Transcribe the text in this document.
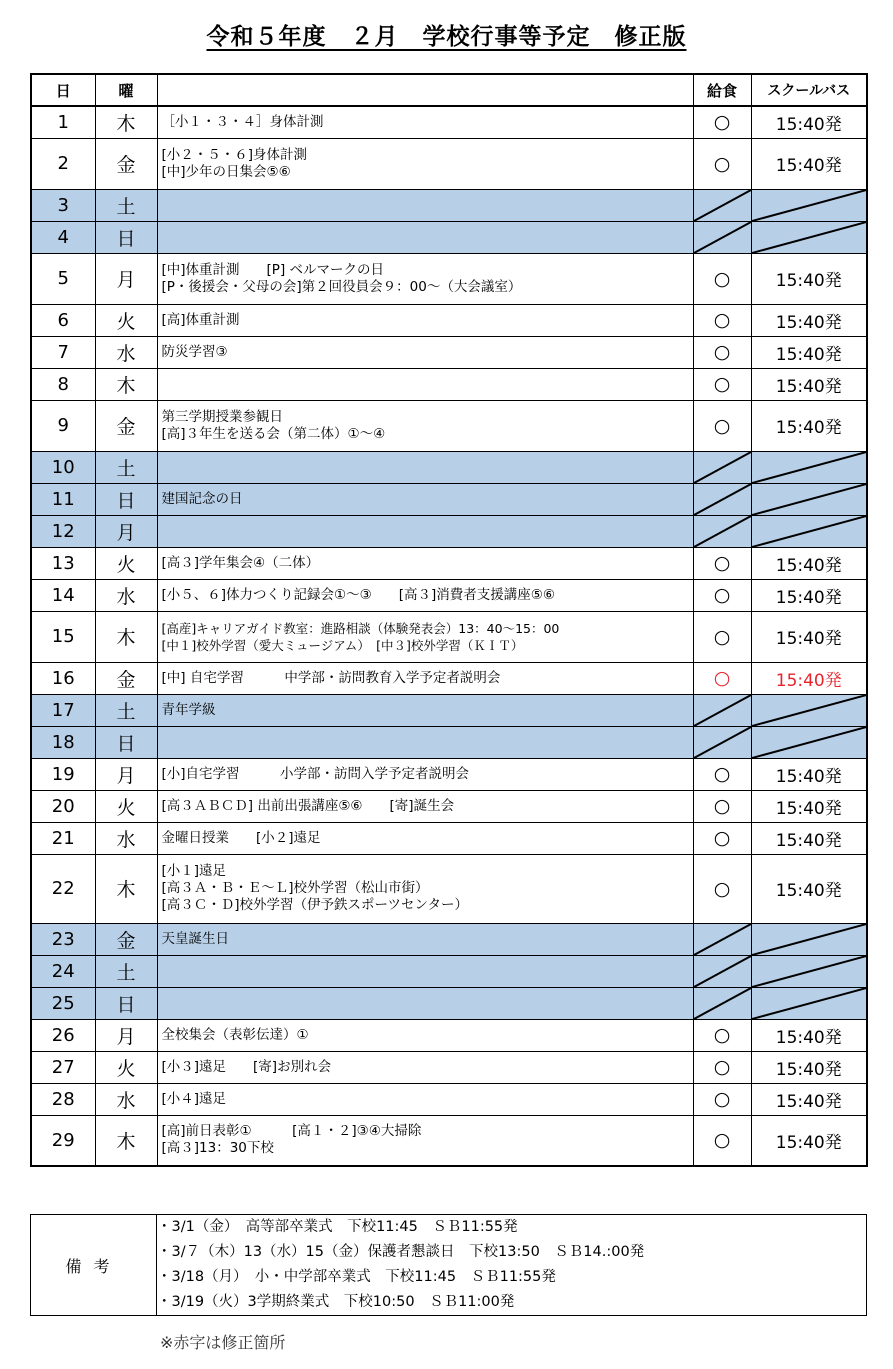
令和５年度　２月　学校行事等予定　修正版
日	曜		給食	スクールバス
1	木	［小１・３・４］身体計測	○	15:40発
2	金	[小２・５・６]身体計測
[中]少年の日集会⑤⑥	○	15:40発
3	土		

4	日		

5	月	[中]体重計測　　[P] ベルマークの日
[P・後援会・父母の会]第２回役員会９：00～（大会議室）	○	15:40発
6	火	[高]体重計測	○	15:40発
7	水	防災学習③	○	15:40発
8	木		○	15:40発
9	金	第三学期授業参観日
[高]３年生を送る会（第二体）①～④	○	15:40発
10	土		

11	日	建国記念の日

12	月		

13	火	[高３]学年集会④（二体）	○	15:40発
14	水	[小５、６]体力つくり記録会①～③　　[高３]消費者支援講座⑤⑥	○	15:40発
15	木	[高産]キャリアガイド教室：進路相談（体験発表会）13：40～15：00
[中１]校外学習（愛大ミュージアム）　[中３]校外学習（ＫＩＴ）	○	15:40発
16	金	[中] 自宅学習　　　中学部・訪問教育入学予定者説明会	○	15:40発
17	土	青年学級

18	日		

19	月	[小]自宅学習　　　小学部・訪問入学予定者説明会	○	15:40発
20	火	[高３ＡＢＣＤ] 出前出張講座⑤⑥　　[寄]誕生会	○	15:40発
21	水	金曜日授業　　[小２]遠足	○	15:40発
22	木	[小１]遠足
[高３Ａ・Ｂ・Ｅ～Ｌ]校外学習（松山市街）
[高３Ｃ・Ｄ]校外学習（伊予鉄スポーツセンター）	○	15:40発
23	金	天皇誕生日

24	土		

25	日		

26	月	全校集会（表彰伝達）①	○	15:40発
27	火	[小３]遠足　　[寄]お別れ会	○	15:40発
28	水	[小４]遠足	○	15:40発
29	木	[高]前日表彰①　　　[高１・２]③④大掃除
[高３]13：30下校	○	15:40発
備考	
・3/1（金）　高等部卒業式　下校11:45　ＳＢ11:55発
・3/７（木）13（水）15（金）保護者懇談日　下校13:50　ＳＢ14.:00発
・3/18（月）　小・中学部卒業式　下校11:45　ＳＢ11:55発
・3/19（火）3学期終業式　下校10:50　ＳＢ11:00発
※赤字は修正箇所
